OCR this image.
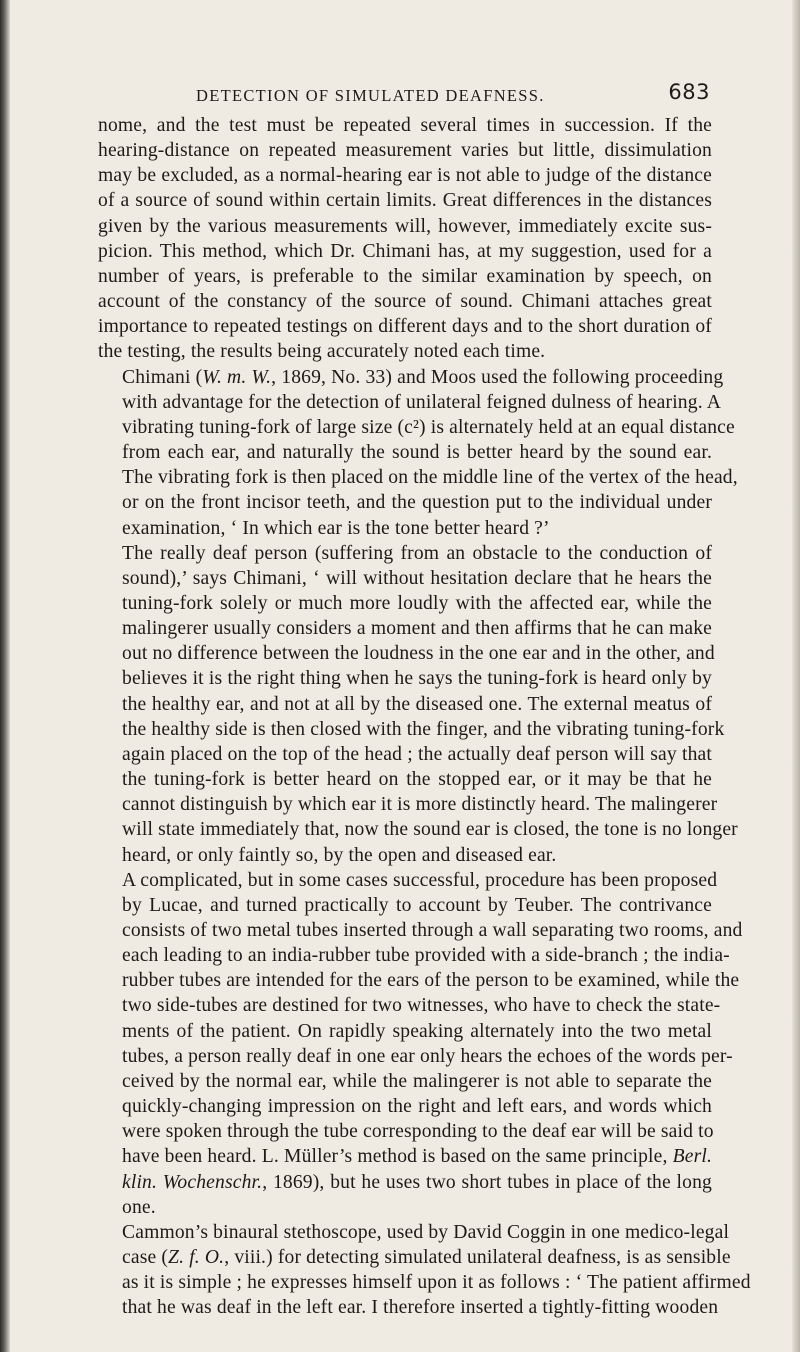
DETECTION OF SIMULATED DEAFNESS.	683

nome, and the test must be repeated several times in succession. If the
hearing-distance on repeated measurement varies but little, dissimulation
may be excluded, as a normal-hearing ear is not able to judge of the distance
of a source of sound within certain limits. Great differences in the distances
given by the various measurements will, however, immediately excite sus-
picion. This method, which Dr. Chimani has, at my suggestion, used for a
number of years, is preferable to the similar examination by speech, on
account of the constancy of the source of sound. Chimani attaches great
importance to repeated testings on different days and to the short duration of
the testing, the results being accurately noted each time.

Chimani (W. m. W., 1869, No. 33) and Moos used the following proceeding
with advantage for the detection of unilateral feigned dulness of hearing. A
vibrating tuning-fork of large size (c²) is alternately held at an equal distance
from each ear, and naturally the sound is better heard by the sound ear.
The vibrating fork is then placed on the middle line of the vertex of the head,
or on the front incisor teeth, and the question put to the individual under
examination, ‘ In which ear is the tone better heard ?’

The really deaf person (suffering from an obstacle to the conduction of
sound),’ says Chimani, ‘ will without hesitation declare that he hears the
tuning-fork solely or much more loudly with the affected ear, while the
malingerer usually considers a moment and then affirms that he can make
out no difference between the loudness in the one ear and in the other, and
believes it is the right thing when he says the tuning-fork is heard only by
the healthy ear, and not at all by the diseased one. The external meatus of
the healthy side is then closed with the finger, and the vibrating tuning-fork
again placed on the top of the head ; the actually deaf person will say that
the tuning-fork is better heard on the stopped ear, or it may be that he
cannot distinguish by which ear it is more distinctly heard. The malingerer
will state immediately that, now the sound ear is closed, the tone is no longer
heard, or only faintly so, by the open and diseased ear.

A complicated, but in some cases successful, procedure has been proposed
by Lucae, and turned practically to account by Teuber. The contrivance
consists of two metal tubes inserted through a wall separating two rooms, and
each leading to an india-rubber tube provided with a side-branch ; the india-
rubber tubes are intended for the ears of the person to be examined, while the
two side-tubes are destined for two witnesses, who have to check the state-
ments of the patient. On rapidly speaking alternately into the two metal
tubes, a person really deaf in one ear only hears the echoes of the words per-
ceived by the normal ear, while the malingerer is not able to separate the
quickly-changing impression on the right and left ears, and words which
were spoken through the tube corresponding to the deaf ear will be said to
have been heard. L. Müller’s method is based on the same principle, Berl.
klin. Wochenschr., 1869), but he uses two short tubes in place of the long
one.

Cammon’s binaural stethoscope, used by David Coggin in one medico-legal
case (Z. f. O., viii.) for detecting simulated unilateral deafness, is as sensible
as it is simple ; he expresses himself upon it as follows : ‘ The patient affirmed
that he was deaf in the left ear. I therefore inserted a tightly-fitting wooden
